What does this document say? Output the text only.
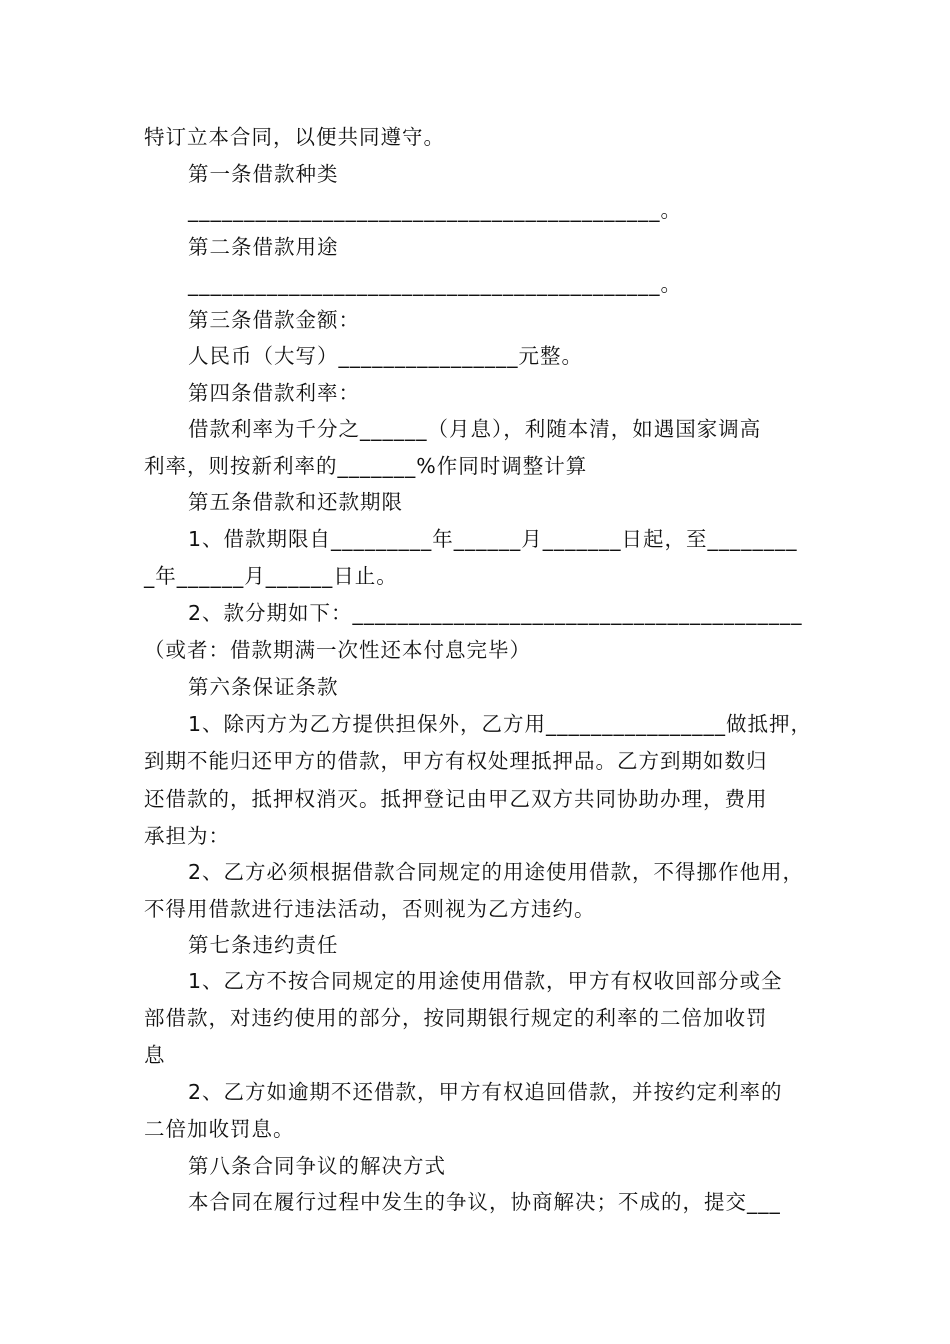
特订立本合同，以便共同遵守。
第一条借款种类
__________________________________________。
第二条借款用途
__________________________________________。
第三条借款金额：
人民币（大写）________________元整。
第四条借款利率：
借款利率为千分之______（月息），利随本清，如遇国家调高
利率，则按新利率的_______%作同时调整计算
第五条借款和还款期限
1、借款期限自_________年______月_______日起，至________
_年______月______日止。
2、款分期如下：________________________________________
（或者：借款期满一次性还本付息完毕）
第六条保证条款
1、除丙方为乙方提供担保外，乙方用________________做抵押，
到期不能归还甲方的借款，甲方有权处理抵押品。乙方到期如数归
还借款的，抵押权消灭。抵押登记由甲乙双方共同协助办理，费用
承担为：
2、乙方必须根据借款合同规定的用途使用借款，不得挪作他用，
不得用借款进行违法活动，否则视为乙方违约。
第七条违约责任
1、乙方不按合同规定的用途使用借款，甲方有权收回部分或全
部借款，对违约使用的部分，按同期银行规定的利率的二倍加收罚
息
2、乙方如逾期不还借款，甲方有权追回借款，并按约定利率的
二倍加收罚息。
第八条合同争议的解决方式
本合同在履行过程中发生的争议，协商解决；不成的，提交___
